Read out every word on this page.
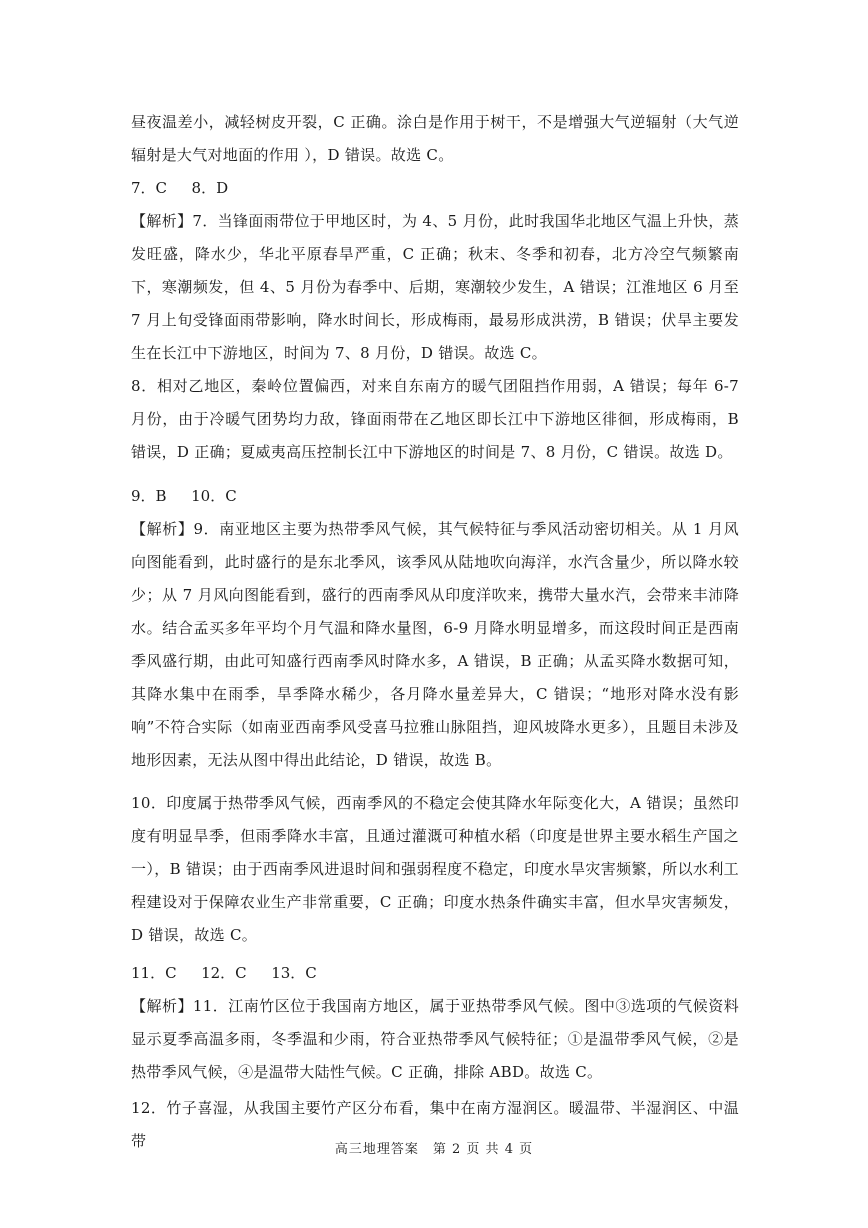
昼夜温差小，减轻树皮开裂，C 正确。涂白是作用于树干，不是增强大气逆辐射（大气逆辐射是大气对地面的作用 ），D 错误。故选 C。

7．C 　 8．D

【解析】7．当锋面雨带位于甲地区时，为 4、5 月份，此时我国华北地区气温上升快，蒸发旺盛，降水少，华北平原春旱严重，C 正确；秋末、冬季和初春，北方冷空气频繁南下，寒潮频发，但 4、5 月份为春季中、后期，寒潮较少发生，A 错误；江淮地区 6 月至 7 月上旬受锋面雨带影响，降水时间长，形成梅雨，最易形成洪涝，B 错误；伏旱主要发生在长江中下游地区，时间为 7、8 月份，D 错误。故选 C。

8．相对乙地区，秦岭位置偏西，对来自东南方的暖气团阻挡作用弱，A 错误；每年 6-7 月份，由于冷暖气团势均力敌，锋面雨带在乙地区即长江中下游地区徘徊，形成梅雨，B 错误，D 正确；夏威夷高压控制长江中下游地区的时间是 7、8 月份，C 错误。故选 D。

9．B 　 10．C

【解析】9．南亚地区主要为热带季风气候，其气候特征与季风活动密切相关。从 1 月风向图能看到，此时盛行的是东北季风，该季风从陆地吹向海洋，水汽含量少，所以降水较少；从 7 月风向图能看到，盛行的西南季风从印度洋吹来，携带大量水汽，会带来丰沛降水。结合孟买多年平均个月气温和降水量图，6-9 月降水明显增多，而这段时间正是西南季风盛行期，由此可知盛行西南季风时降水多，A 错误，B 正确；从孟买降水数据可知，其降水集中在雨季，旱季降水稀少，各月降水量差异大，C 错误；“地形对降水没有影响”不符合实际（如南亚西南季风受喜马拉雅山脉阻挡，迎风坡降水更多），且题目未涉及地形因素，无法从图中得出此结论，D 错误，故选 B。

10．印度属于热带季风气候，西南季风的不稳定会使其降水年际变化大，A 错误；虽然印度有明显旱季，但雨季降水丰富，且通过灌溉可种植水稻（印度是世界主要水稻生产国之一），B 错误；由于西南季风进退时间和强弱程度不稳定，印度水旱灾害频繁，所以水利工程建设对于保障农业生产非常重要，C 正确；印度水热条件确实丰富，但水旱灾害频发，D 错误，故选 C。

11．C 　 12．C 　 13．C

【解析】11．江南竹区位于我国南方地区，属于亚热带季风气候。图中③选项的气候资料显示夏季高温多雨，冬季温和少雨，符合亚热带季风气候特征；①是温带季风气候，②是热带季风气候，④是温带大陆性气候。C 正确，排除 ABD。故选 C。

12．竹子喜湿，从我国主要竹产区分布看，集中在南方湿润区。暖温带、半湿润区、中温带	高三地理答案　第 2 页 共 4 页
